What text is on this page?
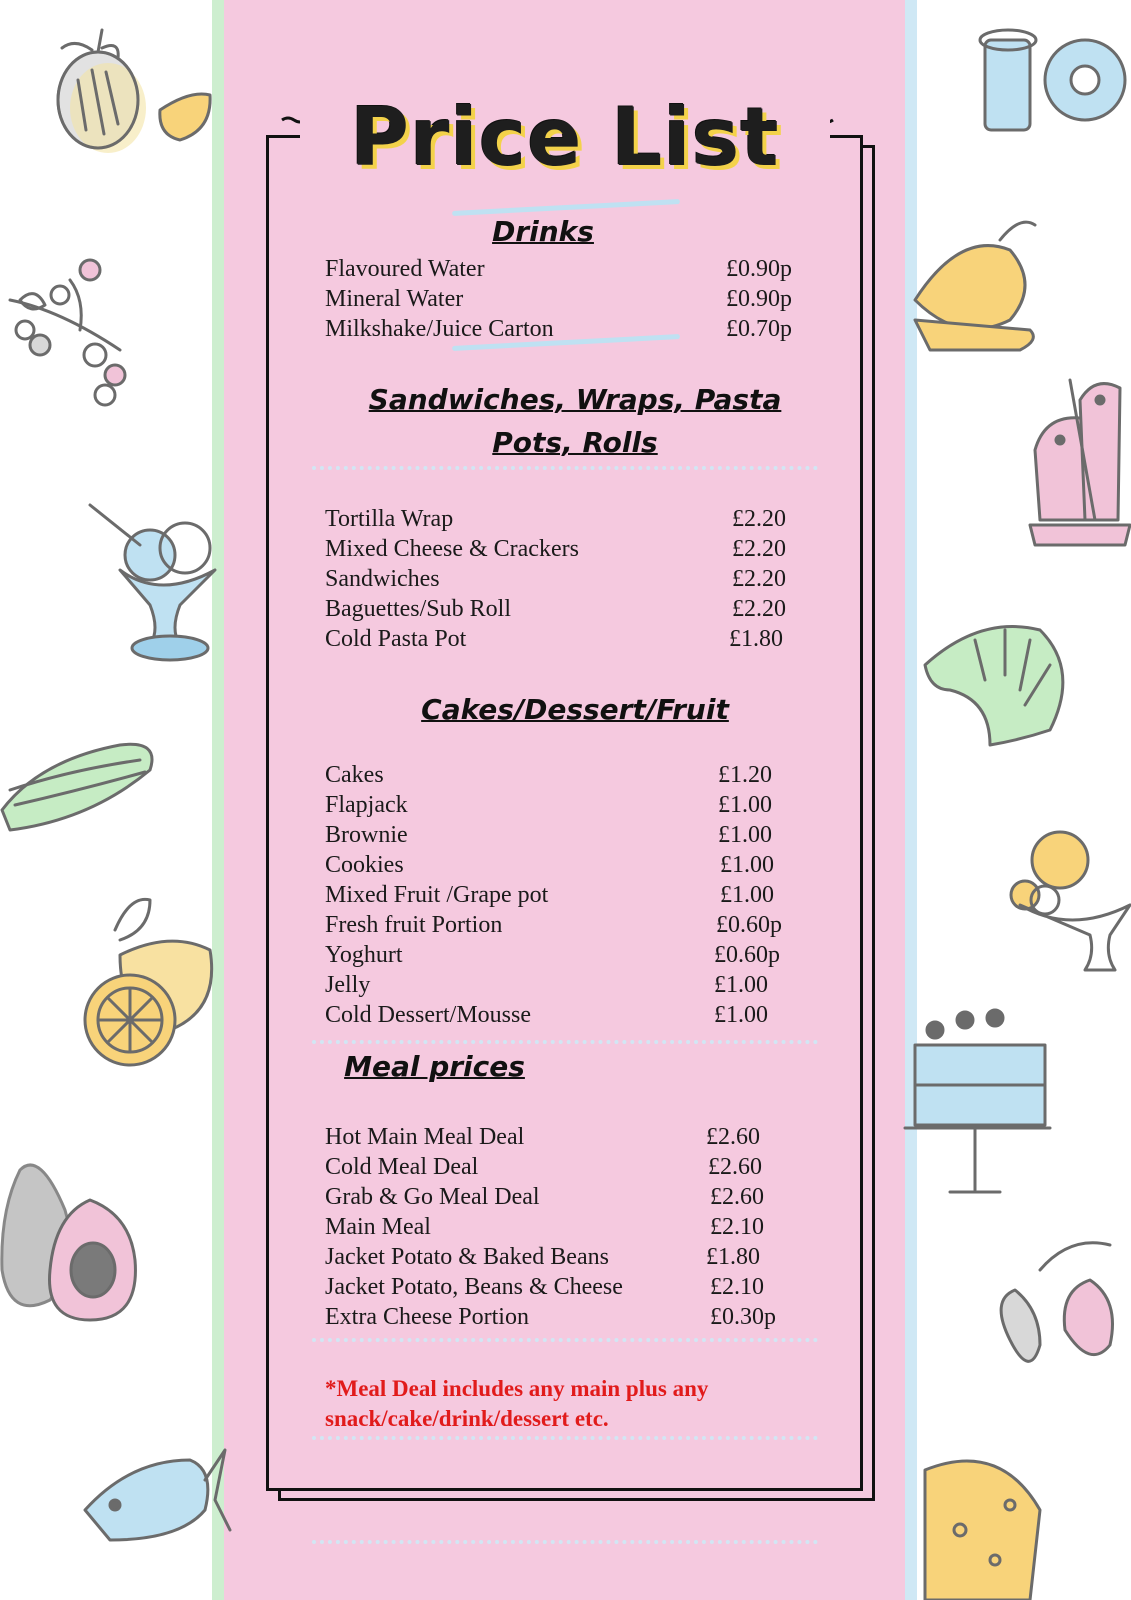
Price List
Drinks
Flavoured Water	£0.90p
Mineral Water	£0.90p
Milkshake/Juice Carton	£0.70p
Sandwiches, Wraps, Pasta
Pots, Rolls
Tortilla Wrap	£2.20
Mixed Cheese & Crackers	£2.20
Sandwiches	£2.20
Baguettes/Sub Roll	£2.20
Cold Pasta Pot	£1.80
Cakes/Dessert/Fruit
Cakes	£1.20
Flapjack	£1.00
Brownie	£1.00
Cookies	£1.00
Mixed Fruit /Grape pot	£1.00
Fresh fruit Portion	£0.60p
Yoghurt	£0.60p
Jelly	£1.00
Cold Dessert/Mousse	£1.00
Meal prices
Hot Main Meal Deal	£2.60
Cold Meal Deal	£2.60
Grab & Go Meal Deal	£2.60
Main Meal	£2.10
Jacket Potato & Baked Beans	£1.80
Jacket Potato, Beans & Cheese	£2.10
Extra Cheese Portion	£0.30p
*Meal Deal includes any main plus any
snack/cake/drink/dessert etc.
